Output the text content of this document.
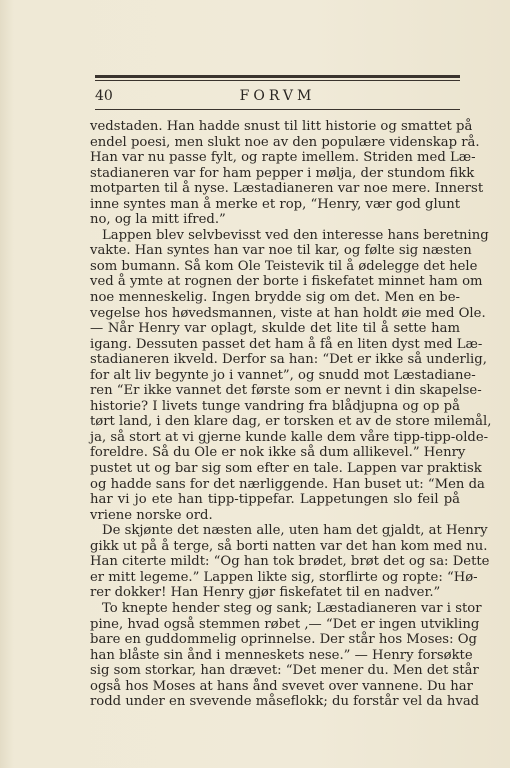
40	FORVM
vedstaden. Han hadde snust til litt historie og smattet på
endel poesi, men slukt noe av den populære videnskap rå.
Han var nu passe fylt, og rapte imellem. Striden med Læ-
stadianeren var for ham pepper i mølja, der stundom fikk
motparten til å nyse. Læstadianeren var noe mere. Innerst
inne syntes man å merke et rop, “Henry, vær god glunt
no, og la mitt ifred.”
Lappen blev selvbevisst ved den interesse hans beretning
vakte. Han syntes han var noe til kar, og følte sig næsten
som bumann. Så kom Ole Teistevik til å ødelegge det hele
ved å ymte at rognen der borte i fiskefatet minnet ham om
noe menneskelig. Ingen brydde sig om det. Men en be-
vegelse hos høvedsmannen, viste at han holdt øie med Ole.
— Når Henry var oplagt, skulde det lite til å sette ham
igang. Dessuten passet det ham å få en liten dyst med Læ-
stadianeren ikveld. Derfor sa han: “Det er ikke så underlig,
for alt liv begynte jo i vannet”, og snudd mot Læstadiane-
ren “Er ikke vannet det første som er nevnt i din skapelse-
historie? I livets tunge vandring fra blådjupna og op på
tørt land, i den klare dag, er torsken et av de store milemål,
ja, så stort at vi gjerne kunde kalle dem våre tipp-tipp-olde-
foreldre. Så du Ole er nok ikke så dum allikevel.” Henry
pustet ut og bar sig som efter en tale. Lappen var praktisk
og hadde sans for det nærliggende. Han buset ut: “Men da
har vi jo ete han tipp-tippefar. Lappetungen slo feil på
vriene norske ord.
De skjønte det næsten alle, uten ham det gjaldt, at Henry
gikk ut på å terge, så borti natten var det han kom med nu.
Han citerte mildt: “Og han tok brødet, brøt det og sa: Dette
er mitt legeme.” Lappen likte sig, storflirte og ropte: “Hø-
rer dokker! Han Henry gjør fiskefatet til en nadver.”
To knepte hender steg og sank; Læstadianeren var i stor
pine, hvad også stemmen røbet ,— “Det er ingen utvikling
bare en guddommelig oprinnelse. Der står hos Moses: Og
han blåste sin ånd i menneskets nese.” — Henry forsøkte
sig som storkar, han drævet: “Det mener du. Men det står
også hos Moses at hans ånd svevet over vannene. Du har
rodd under en svevende måseflokk; du forstår vel da hvad
